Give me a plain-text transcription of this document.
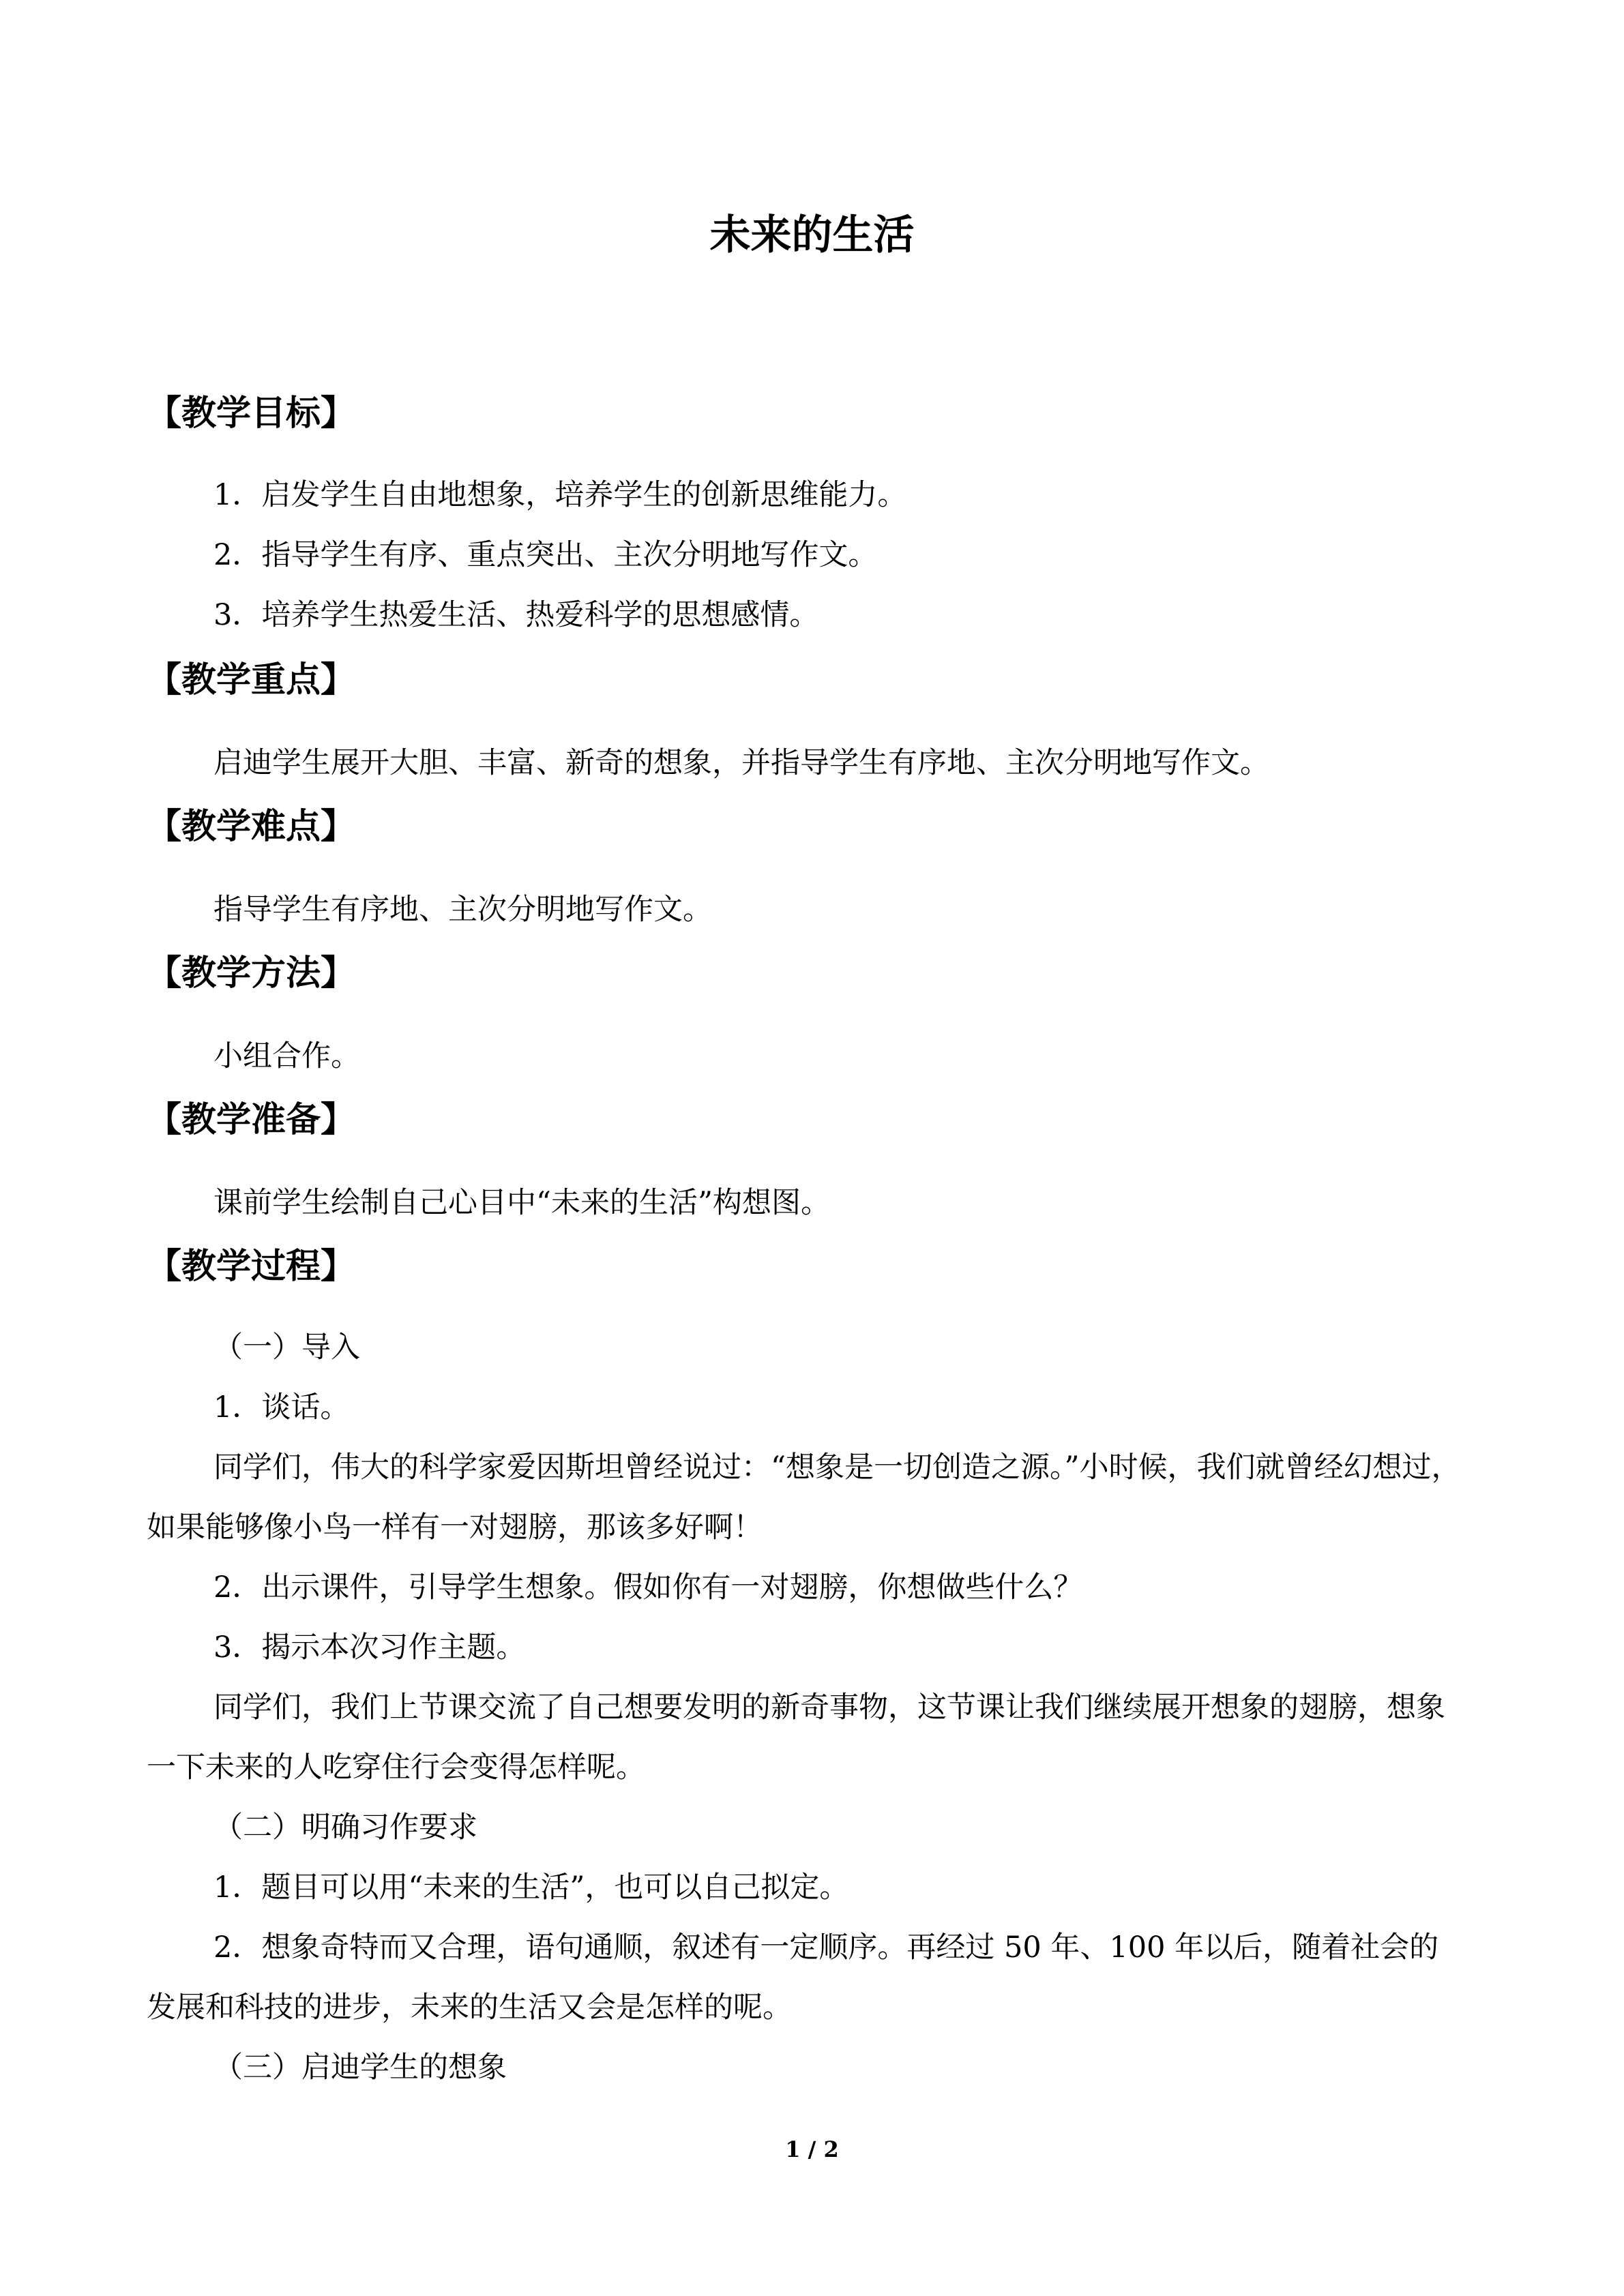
未来的生活
【教学目标】
1．启发学生自由地想象，培养学生的创新思维能力。
2．指导学生有序、重点突出、主次分明地写作文。
3．培养学生热爱生活、热爱科学的思想感情。
【教学重点】
启迪学生展开大胆、丰富、新奇的想象，并指导学生有序地、主次分明地写作文。
【教学难点】
指导学生有序地、主次分明地写作文。
【教学方法】
小组合作。
【教学准备】
课前学生绘制自己心目中“未来的生活”构想图。
【教学过程】
（一）导入
1．谈话。
同学们，伟大的科学家爱因斯坦曾经说过：“想象是一切创造之源。”小时候，我们就曾经幻想过，如果能够像小鸟一样有一对翅膀，那该多好啊！
2．出示课件，引导学生想象。假如你有一对翅膀，你想做些什么？
3．揭示本次习作主题。
同学们，我们上节课交流了自己想要发明的新奇事物，这节课让我们继续展开想象的翅膀，想象一下未来的人吃穿住行会变得怎样呢。
（二）明确习作要求
1．题目可以用“未来的生活”，也可以自己拟定。
2．想象奇特而又合理，语句通顺，叙述有一定顺序。再经过 50 年、100 年以后，随着社会的发展和科技的进步，未来的生活又会是怎样的呢。
（三）启迪学生的想象
1 / 2
